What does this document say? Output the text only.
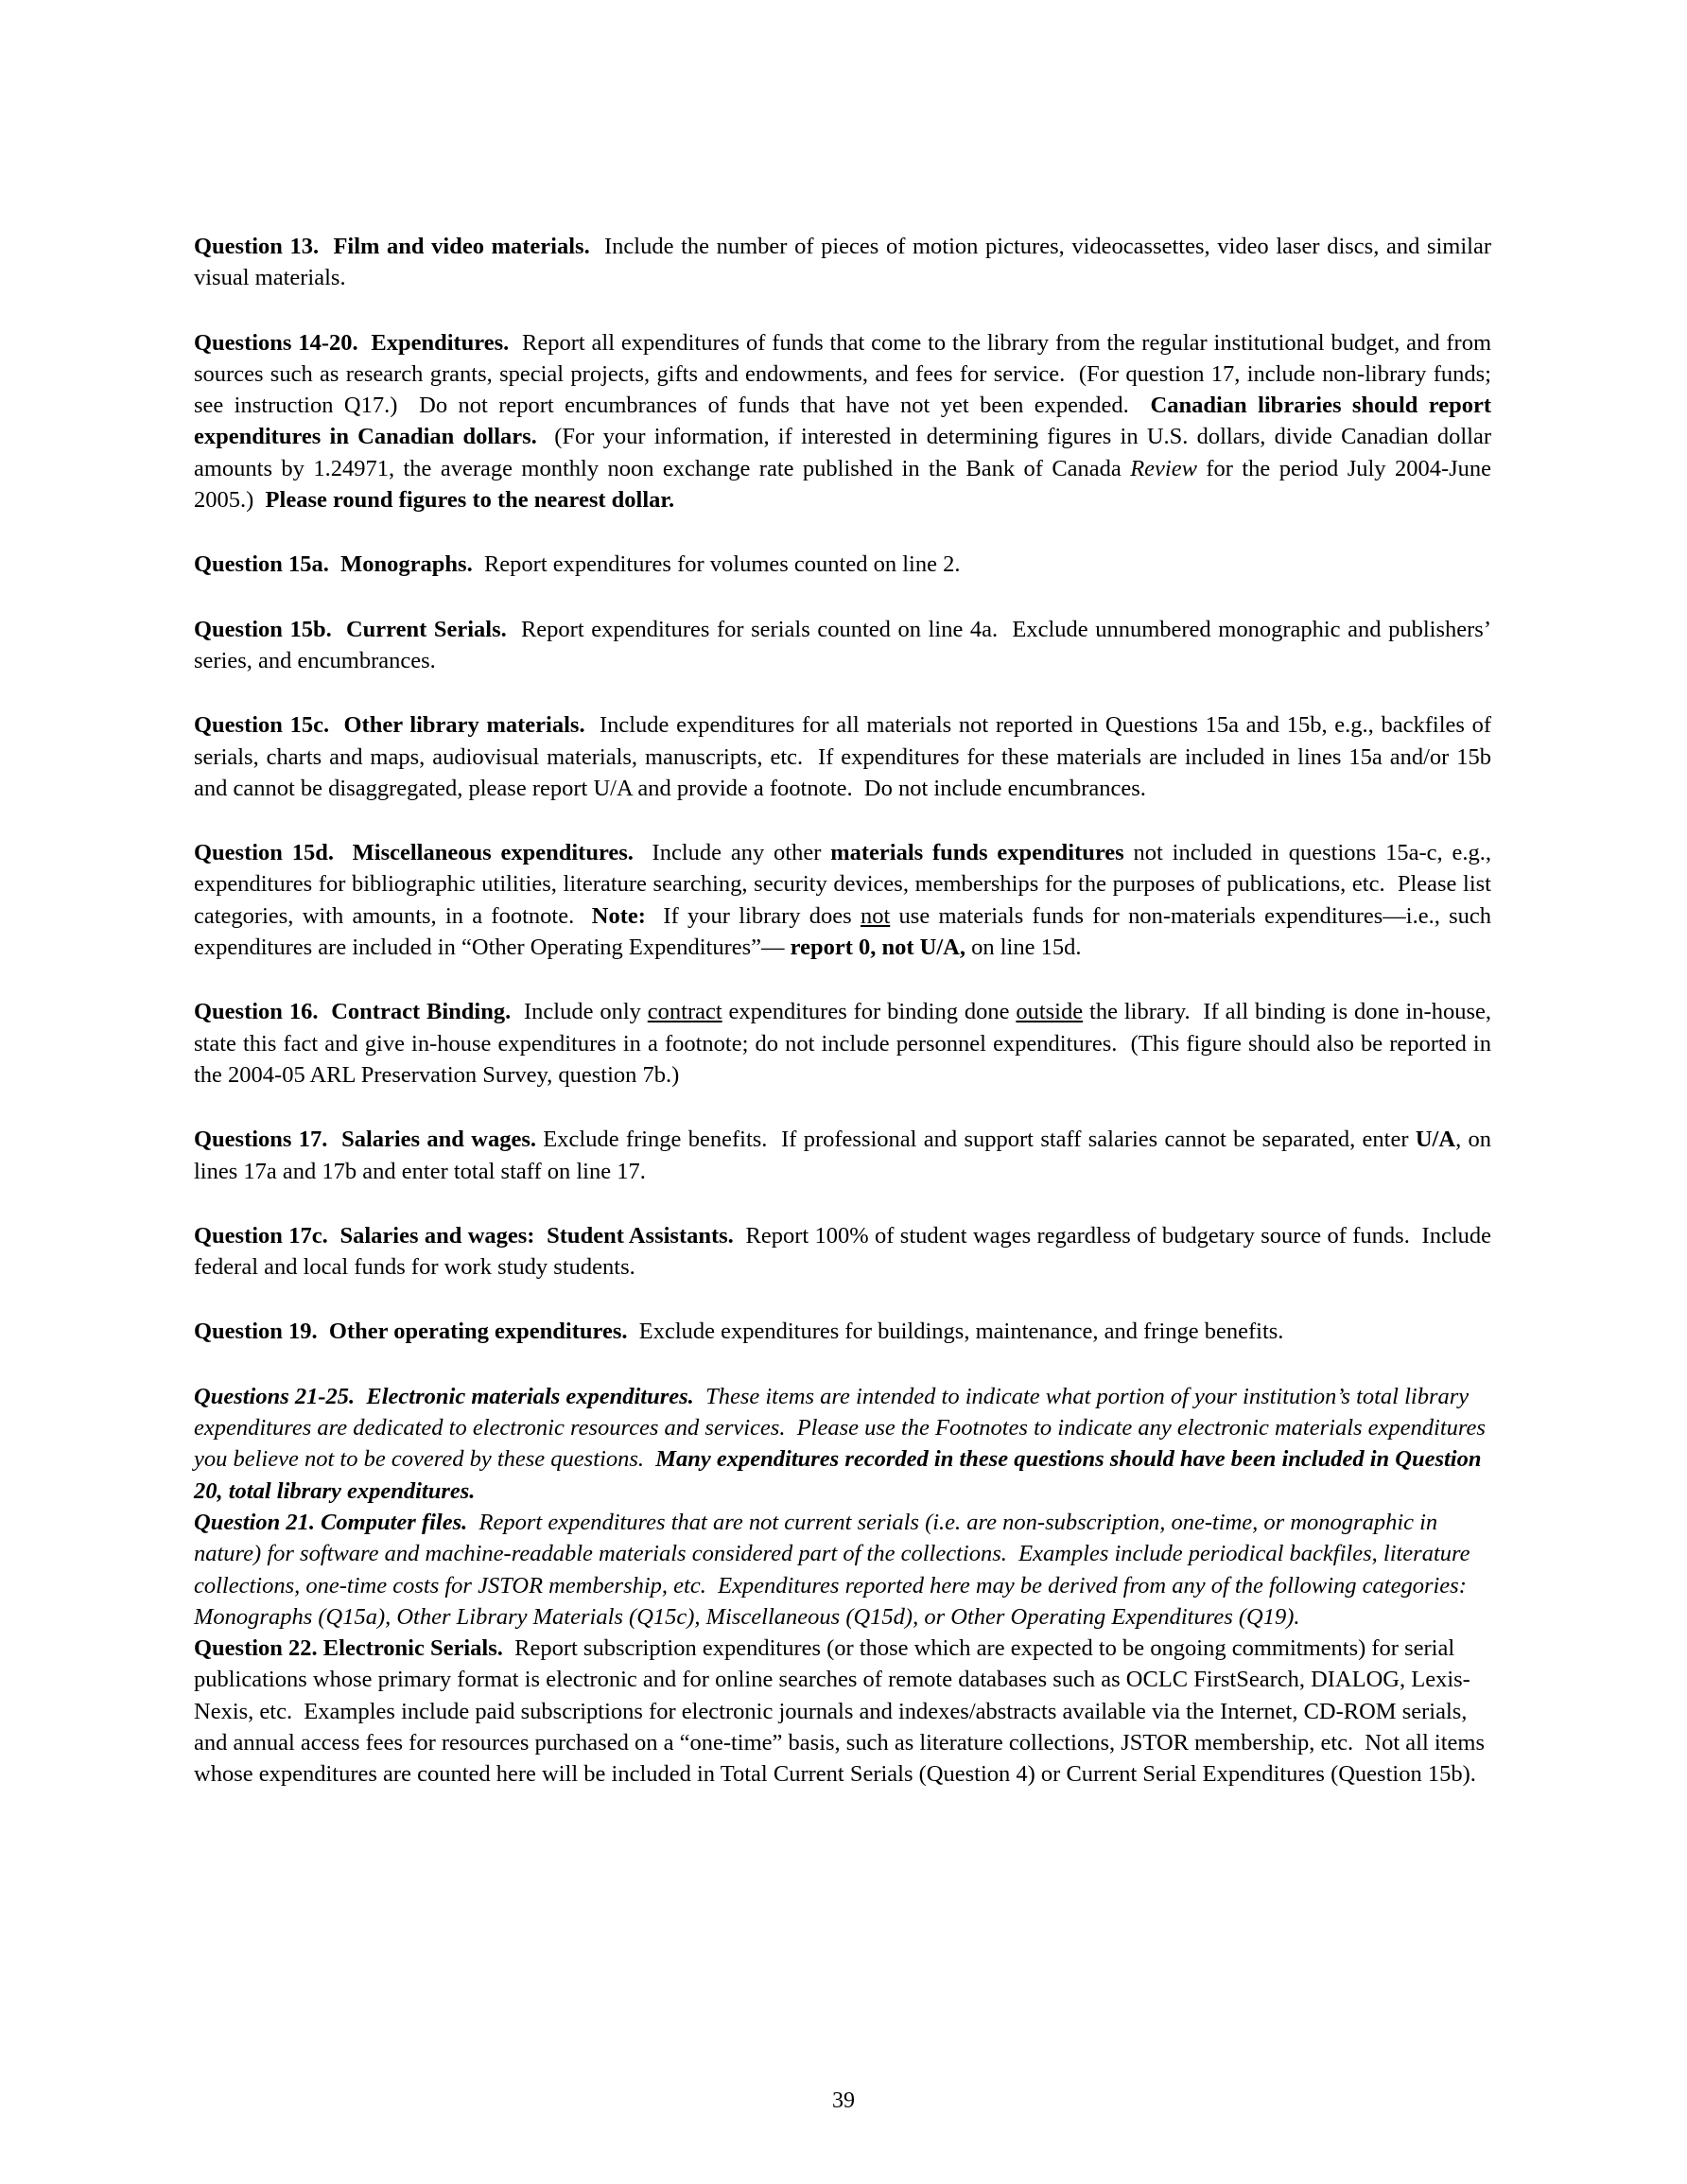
Question 13.  Film and video materials.  Include the number of pieces of motion pictures, videocassettes, video laser discs, and similar visual materials.

Questions 14-20.  Expenditures.  Report all expenditures of funds that come to the library from the regular institutional budget, and from sources such as research grants, special projects, gifts and endowments, and fees for service.  (For question 17, include non-library funds; see instruction Q17.)  Do not report encumbrances of funds that have not yet been expended.  Canadian libraries should report expenditures in Canadian dollars.  (For your information, if interested in determining figures in U.S. dollars, divide Canadian dollar amounts by 1.24971, the average monthly noon exchange rate published in the Bank of Canada Review for the period July 2004-June 2005.)  Please round figures to the nearest dollar.

Question 15a.  Monographs.  Report expenditures for volumes counted on line 2.

Question 15b.  Current Serials.  Report expenditures for serials counted on line 4a.  Exclude unnumbered monographic and publishers’ series, and encumbrances.

Question 15c.  Other library materials.  Include expenditures for all materials not reported in Questions 15a and 15b, e.g., backfiles of serials, charts and maps, audiovisual materials, manuscripts, etc.  If expenditures for these materials are included in lines 15a and/or 15b and cannot be disaggregated, please report U/A and provide a footnote.  Do not include encumbrances.

Question 15d.  Miscellaneous expenditures.  Include any other materials funds expenditures not included in questions 15a-c, e.g., expenditures for bibliographic utilities, literature searching, security devices, memberships for the purposes of publications, etc.  Please list categories, with amounts, in a footnote.  Note:  If your library does not use materials funds for non-materials expenditures—i.e., such expenditures are included in “Other Operating Expenditures”— report 0, not U/A, on line 15d.

Question 16.  Contract Binding.  Include only contract expenditures for binding done outside the library.  If all binding is done in-house, state this fact and give in-house expenditures in a footnote; do not include personnel expenditures.  (This figure should also be reported in the 2004-05 ARL Preservation Survey, question 7b.)

Questions 17.  Salaries and wages. Exclude fringe benefits.  If professional and support staff salaries cannot be separated, enter U/A, on lines 17a and 17b and enter total staff on line 17.

Question 17c.  Salaries and wages:  Student Assistants.  Report 100% of student wages regardless of budgetary source of funds.  Include federal and local funds for work study students.

Question 19.  Other operating expenditures.  Exclude expenditures for buildings, maintenance, and fringe benefits.

Questions 21-25.  Electronic materials expenditures.  These items are intended to indicate what portion of your institution’s total library expenditures are dedicated to electronic resources and services.  Please use the Footnotes to indicate any electronic materials expenditures you believe not to be covered by these questions.  Many expenditures recorded in these questions should have been included in Question 20, total library expenditures.
Question 21. Computer files.  Report expenditures that are not current serials (i.e. are non-subscription, one-time, or monographic in nature) for software and machine-readable materials considered part of the collections.  Examples include periodical backfiles, literature collections, one-time costs for JSTOR membership, etc.  Expenditures reported here may be derived from any of the following categories:  Monographs (Q15a), Other Library Materials (Q15c), Miscellaneous (Q15d), or Other Operating Expenditures (Q19).

Question 22. Electronic Serials.  Report subscription expenditures (or those which are expected to be ongoing commitments) for serial publications whose primary format is electronic and for online searches of remote databases such as OCLC FirstSearch, DIALOG, Lexis-Nexis, etc.  Examples include paid subscriptions for electronic journals and indexes/abstracts available via the Internet, CD-ROM serials, and annual access fees for resources purchased on a “one-time” basis, such as literature collections, JSTOR membership, etc.  Not all items whose expenditures are counted here will be included in Total Current Serials (Question 4) or Current Serial Expenditures (Question 15b).

39
